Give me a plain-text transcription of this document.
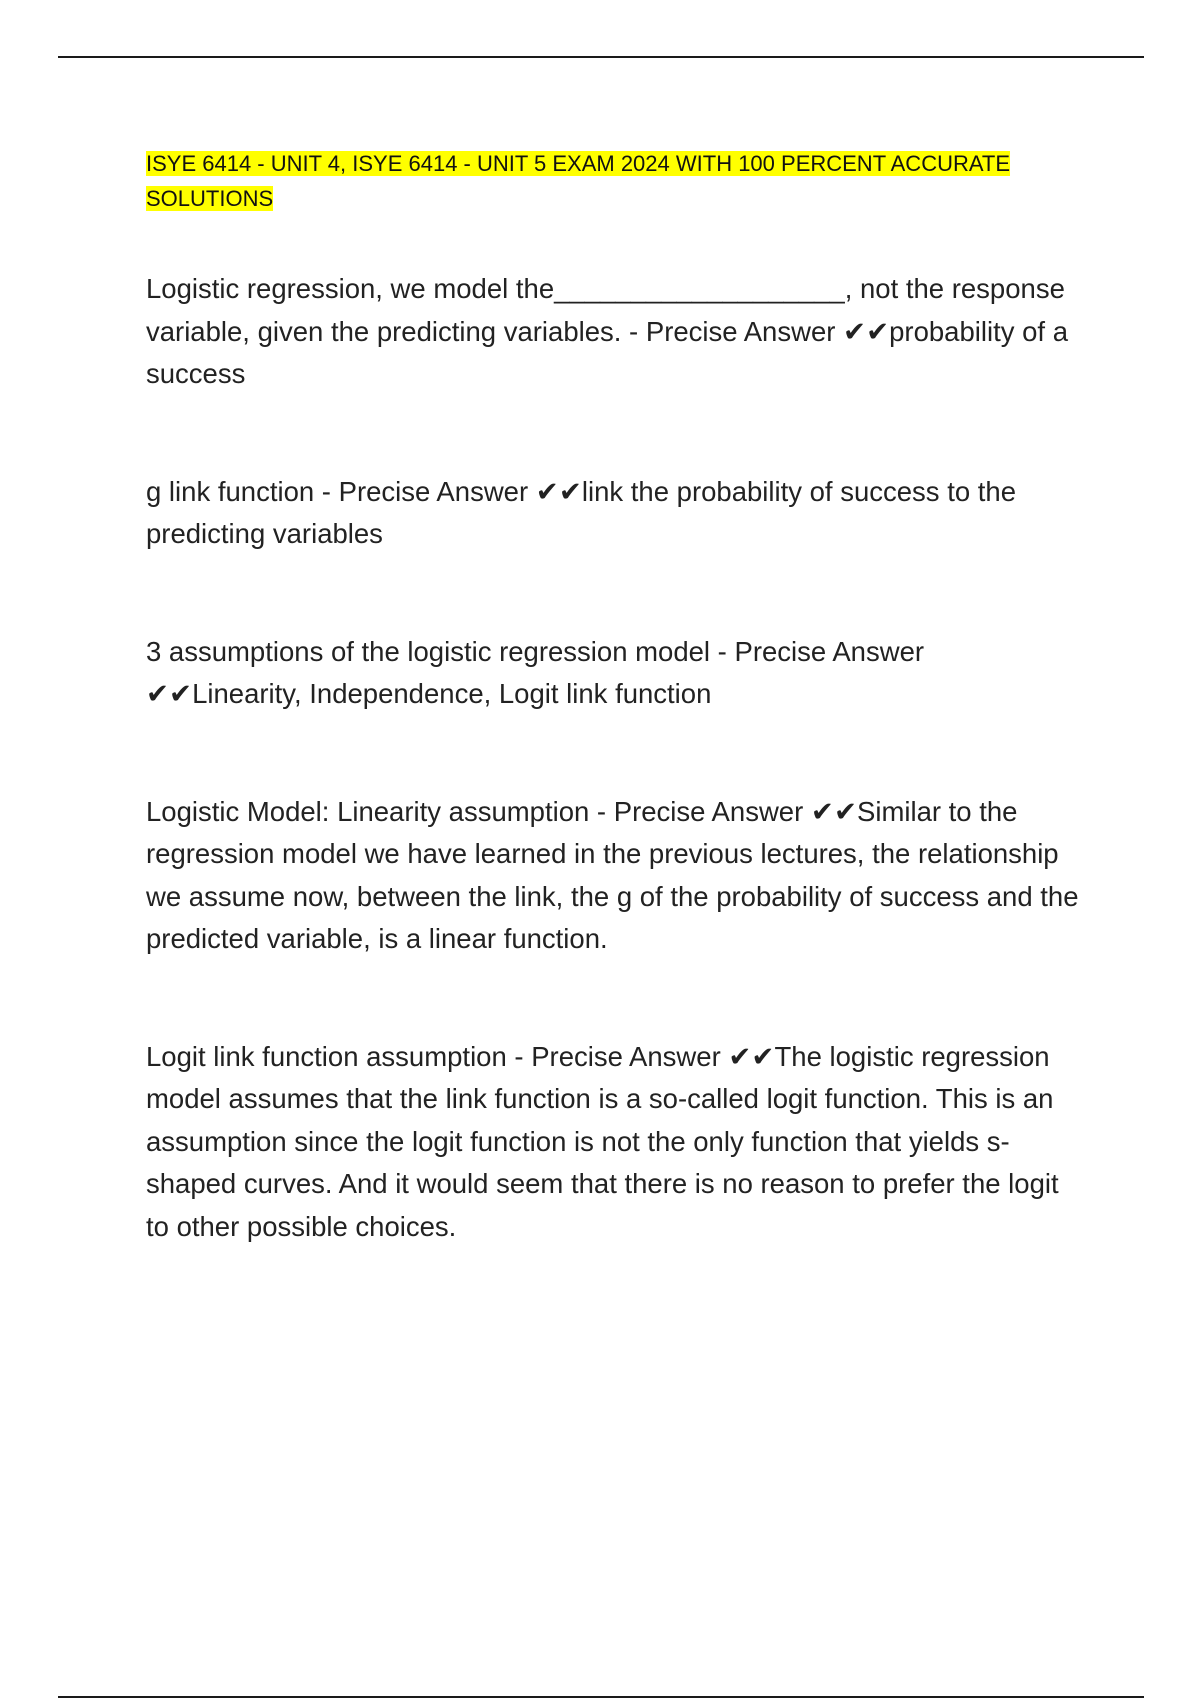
ISYE 6414 - UNIT 4, ISYE 6414 - UNIT 5 EXAM 2024 WITH 100 PERCENT ACCURATE SOLUTIONS

Logistic regression, we model the___________________, not the response variable, given the predicting variables. - Precise Answer ✔✔probability of a success

g link function - Precise Answer ✔✔link the probability of success to the predicting variables

3 assumptions of the logistic regression model - Precise Answer ✔✔Linearity, Independence, Logit link function

Logistic Model: Linearity assumption - Precise Answer ✔✔Similar to the regression model we have learned in the previous lectures, the relationship we assume now, between the link, the g of the probability of success and the predicted variable, is a linear function.

Logit link function assumption - Precise Answer ✔✔The logistic regression model assumes that the link function is a so-called logit function. This is an assumption since the logit function is not the only function that yields s-shaped curves. And it would seem that there is no reason to prefer the logit to other possible choices.
